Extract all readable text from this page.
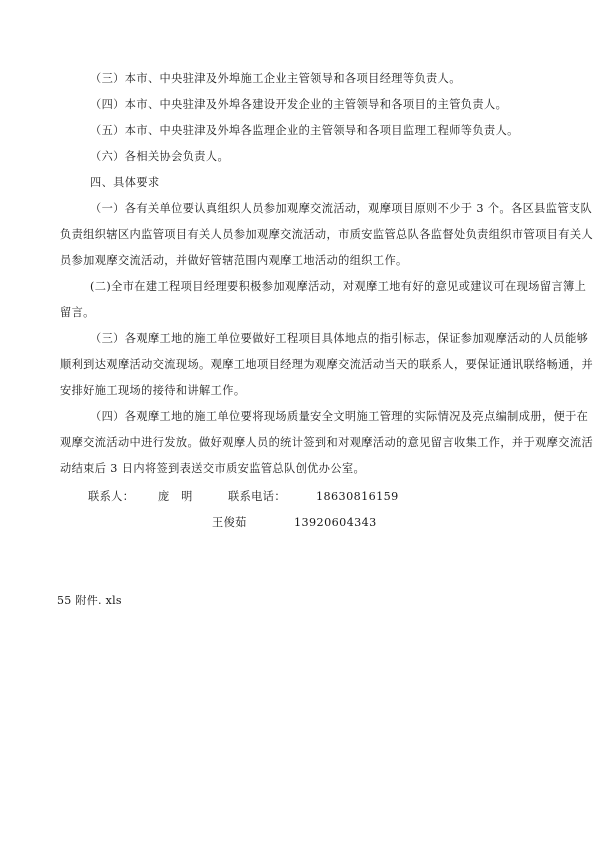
（三）本市、中央驻津及外埠施工企业主管领导和各项目经理等负责人。
（四）本市、中央驻津及外埠各建设开发企业的主管领导和各项目的主管负责人。
（五）本市、中央驻津及外埠各监理企业的主管领导和各项目监理工程师等负责人。
（六）各相关协会负责人。
四、具体要求
（一）各有关单位要认真组织人员参加观摩交流活动，观摩项目原则不少于 3 个。各区县监管支队
负责组织辖区内监管项目有关人员参加观摩交流活动，市质安监管总队各监督处负责组织市管项目有关人
员参加观摩交流活动，并做好管辖范围内观摩工地活动的组织工作。
(二)全市在建工程项目经理要积极参加观摩活动，对观摩工地有好的意见或建议可在现场留言簿上
留言。
（三）各观摩工地的施工单位要做好工程项目具体地点的指引标志，保证参加观摩活动的人员能够
顺利到达观摩活动交流现场。观摩工地项目经理为观摩交流活动当天的联系人，要保证通讯联络畅通，并
安排好施工现场的接待和讲解工作。
（四）各观摩工地的施工单位要将现场质量安全文明施工管理的实际情况及亮点编制成册，便于在
观摩交流活动中进行发放。做好观摩人员的统计签到和对观摩活动的意见留言收集工作，并于观摩交流活
动结束后 3 日内将签到表送交市质安监管总队创优办公室。
联系人：	庞　明	联系电话：	18630816159
王俊茹	13920604343
55 附件. xls
